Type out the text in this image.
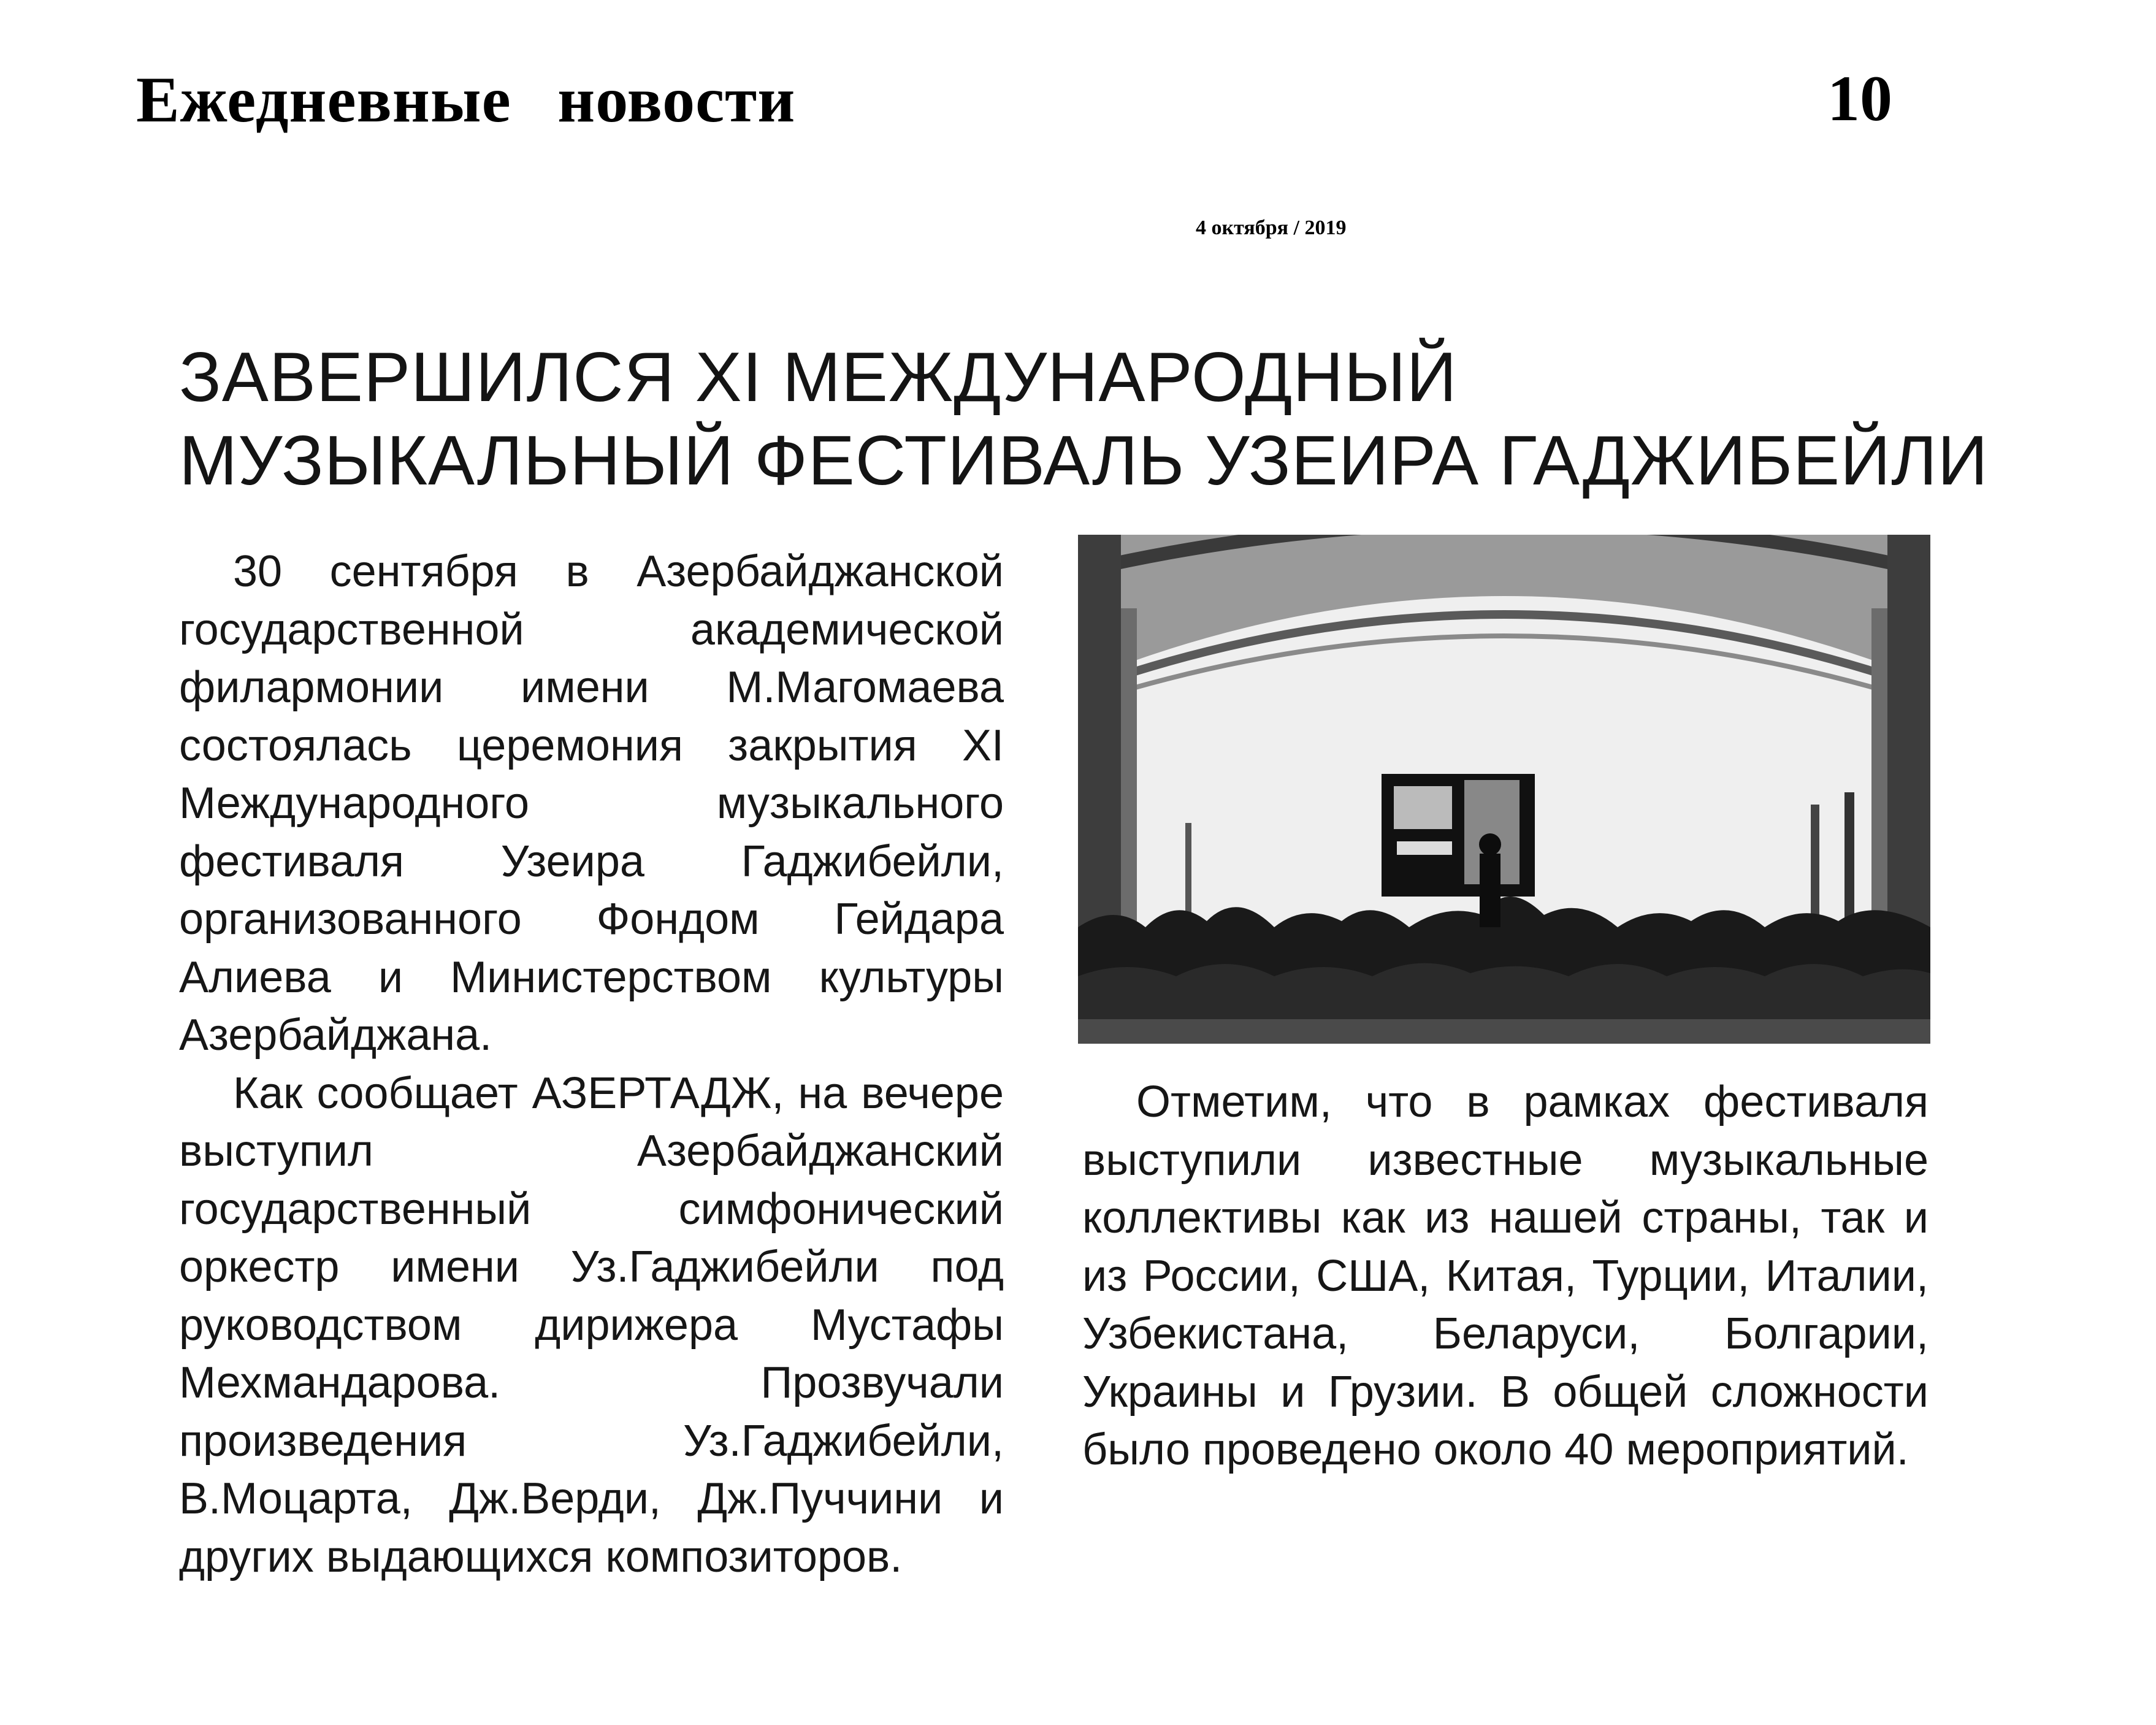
Ежедневные новости	10
4 октября / 2019
ЗАВЕРШИЛСЯ XI МЕЖДУНАРОДНЫЙ
МУЗЫКАЛЬНЫЙ ФЕСТИВАЛЬ УЗЕИРА ГАДЖИБЕЙЛИ

30 сентября в Азербайджанской государственной академической филармонии имени М.Магомаева состоялась церемония закрытия XI Международного музыкального фестиваля Узеира Гаджибейли, организованного Фондом Гейдара Алиева и Министерством культуры Азербайджана.

Как сообщает АЗЕРТАДЖ, на вечере выступил Азербайджанский государственный симфонический оркестр имени Уз.Гаджибейли под руководством дирижера Мустафы Мехмандарова. Прозвучали произведения Уз.Гаджибейли, В.Моцарта, Дж.Верди, Дж.Пуччини и других выдающихся композиторов.

Отметим, что в рамках фестиваля выступили известные музыкальные коллективы как из нашей страны, так и из России, США, Китая, Турции, Италии, Узбекистана, Беларуси, Болгарии, Украины и Грузии. В общей сложности было проведено около 40 мероприятий.
